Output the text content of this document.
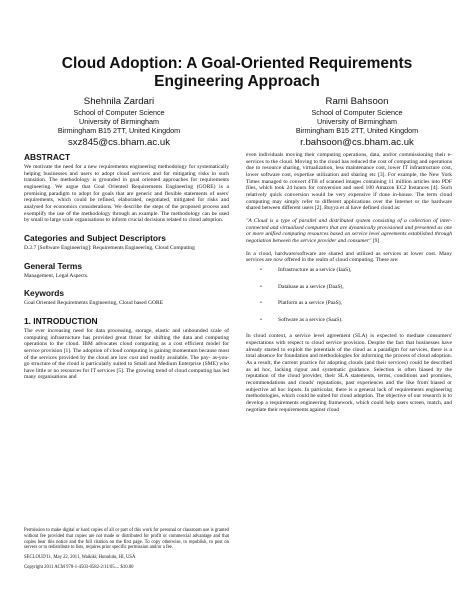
Cloud Adoption: A Goal-Oriented Requirements
Engineering Approach
Shehnila Zardari
School of Computer Science
University of Birmingham
Birmingham B15 2TT, United Kingdom
sxz845@cs.bham.ac.uk
Rami Bahsoon
School of Computer Science
University of Birmingham
Birmingham B15 2TT, United Kingdom
r.bahsoon@cs.bham.ac.uk
ABSTRACT

We motivate the need for a new requirements engineering methodology for systematically helping businesses and users to adopt cloud services and for mitigating risks in such transition. The methodology is grounded in goal oriented approaches for requirements engineering. We argue that Goal Oriented Requirements Engineering (GORE) is a promising paradigm to adopt for goals that are generic and flexible statements of users' requirements, which could be refined, elaborated, negotiated, mitigated for risks and analysed for economics considerations. We describe the steps of the proposed process and exemplify the use of the methodology through an example. The methodology can be used by small to large scale organisations to inform crucial decisions related to cloud adoption.

Categories and Subject Descriptors

D.2.7 [Software Engineering]: Requirements Engineering, Cloud Computing

General Terms

Management, Legal Aspects.

Keywords

Goal Oriented Requirements Engineering, Cloud based GORE

1. INTRODUCTION

The ever increasing need for data processing, storage, elastic and unbounded scale of computing infrastructure has provided great thrust for shifting the data and computing operations to the cloud. IBM advocates cloud computing as a cost efficient model for service provision [1]. The adoption of cloud computing is gaining momentum because most of the services provided by the cloud are low cost and readily available. The pay- as-you- go structure of the cloud is particularly suited to Small and Medium Enterprise (SME) who have little or no resources for IT services [5]. The growing trend of cloud computing has led many organisations and

Permission to make digital or hard copies of all or part of this work for personal or classroom use is granted without fee provided that copies are not made or distributed for profit or commercial advantage and that copies bear this notice and the full citation on the first page. To copy otherwise, to republish, to post on servers or to redistribute to lists, requires prior specific permission and/or a fee.

SECLOUD'11, May 22, 2011, Waikiki, Honolulu, HI, USA

Copyright 2011 ACM 978-1-4503-0582-2/11/05.... $10.00

even individuals moving their computing operations, data, and/or commissioning their e-services to the cloud. Moving to the cloud has reduced the cost of computing and operations due to resource sharing, virtualization, less maintenance cost, lower IT infrastructure cost, lower software cost, expertise utilization and sharing etc [3]. For example, the New York Times managed to convert 4TB of scanned images containing 11 million articles into PDF files, which took 24 hours for conversion and used 100 Amazon EC2 Instances [4]. Such relatively quick conversion would be very expensive if done in-house. The term cloud computing may simply refer to different applications over the Internet or the hardware shared between different users [2]. Buyya et al have defined cloud as:

"A Cloud is a type of parallel and distributed system consisting of a collection of inter-connected and virtualized computers that are dynamically provisioned and presented as one or more unified computing resources based on service level agreements established through negotiation between the service provider and consumer" [9]

In a cloud, hardware/software are shared and utilized as services at lower cost. Many services are now offered in the realm of cloud computing. These are:

•	Infrastructure as a service (IaaS),
•	Database as a service (DaaS),
•	Platform as a service (PaaS),
•	Software as a service (SaaS).

In cloud context, a service level agreement (SLA) is expected to mediate consumers' expectations with respect to cloud service provision. Despite the fact that businesses have already started to exploit the potentials of the cloud as a paradigm for services, there is a total absence for foundation and methodologies for informing the process of cloud adoption. As a result, the current practice for adopting clouds (and their services) could be described as ad hoc, lacking rigour and systematic guidance. Selection is often biased by the reputation of the cloud provider, their SLA statements, terms, conditions and promises, recommendations and clouds' reputations, past experiences and the like from biased or subjective ad hoc inputs. In particular, there is a general lack of requirements engineering methodologies, which could be suited for cloud adoption. The objective of our research is to develop a requirements engineering framework, which could help users screen, match, and negotiate their requirements against cloud
